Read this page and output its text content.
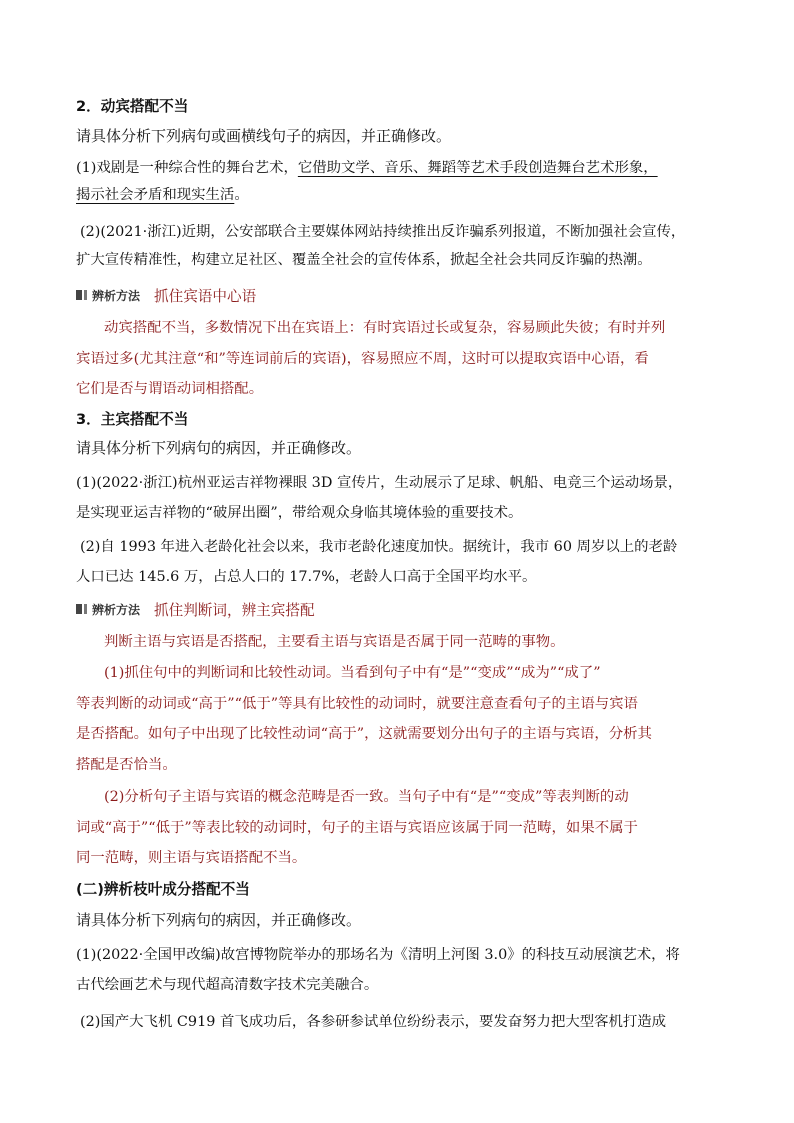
2．动宾搭配不当
请具体分析下列病句或画横线句子的病因，并正确修改。
(1)戏剧是一种综合性的舞台艺术，它借助文学、音乐、舞蹈等艺术手段创造舞台艺术形象，
揭示社会矛盾和现实生活。
(2)(2021·浙江)近期，公安部联合主要媒体网站持续推出反诈骗系列报道，不断加强社会宣传，
扩大宣传精准性，构建立足社区、覆盖全社会的宣传体系，掀起全社会共同反诈骗的热潮。
辨析方法 抓住宾语中心语
动宾搭配不当，多数情况下出在宾语上：有时宾语过长或复杂，容易顾此失彼；有时并列
宾语过多(尤其注意“和”等连词前后的宾语)，容易照应不周，这时可以提取宾语中心语，看
它们是否与谓语动词相搭配。
3．主宾搭配不当
请具体分析下列病句的病因，并正确修改。
(1)(2022·浙江)杭州亚运吉祥物裸眼 3D 宣传片，生动展示了足球、帆船、电竞三个运动场景，
是实现亚运吉祥物的“破屏出圈”，带给观众身临其境体验的重要技术。
(2)自 1993 年进入老龄化社会以来，我市老龄化速度加快。据统计，我市 60 周岁以上的老龄
人口已达 145.6 万，占总人口的 17.7%，老龄人口高于全国平均水平。
辨析方法 抓住判断词，辨主宾搭配
判断主语与宾语是否搭配，主要看主语与宾语是否属于同一范畴的事物。
(1)抓住句中的判断词和比较性动词。当看到句子中有“是”“变成”“成为”“成了”
等表判断的动词或“高于”“低于”等具有比较性的动词时，就要注意查看句子的主语与宾语
是否搭配。如句子中出现了比较性动词“高于”，这就需要划分出句子的主语与宾语，分析其
搭配是否恰当。
(2)分析句子主语与宾语的概念范畴是否一致。当句子中有“是”“变成”等表判断的动
词或“高于”“低于”等表比较的动词时，句子的主语与宾语应该属于同一范畴，如果不属于
同一范畴，则主语与宾语搭配不当。
(二)辨析枝叶成分搭配不当
请具体分析下列病句的病因，并正确修改。
(1)(2022·全国甲改编)故宫博物院举办的那场名为《清明上河图 3.0》的科技互动展演艺术，将
古代绘画艺术与现代超高清数字技术完美融合。
(2)国产大飞机 C919 首飞成功后，各参研参试单位纷纷表示，要发奋努力把大型客机打造成
